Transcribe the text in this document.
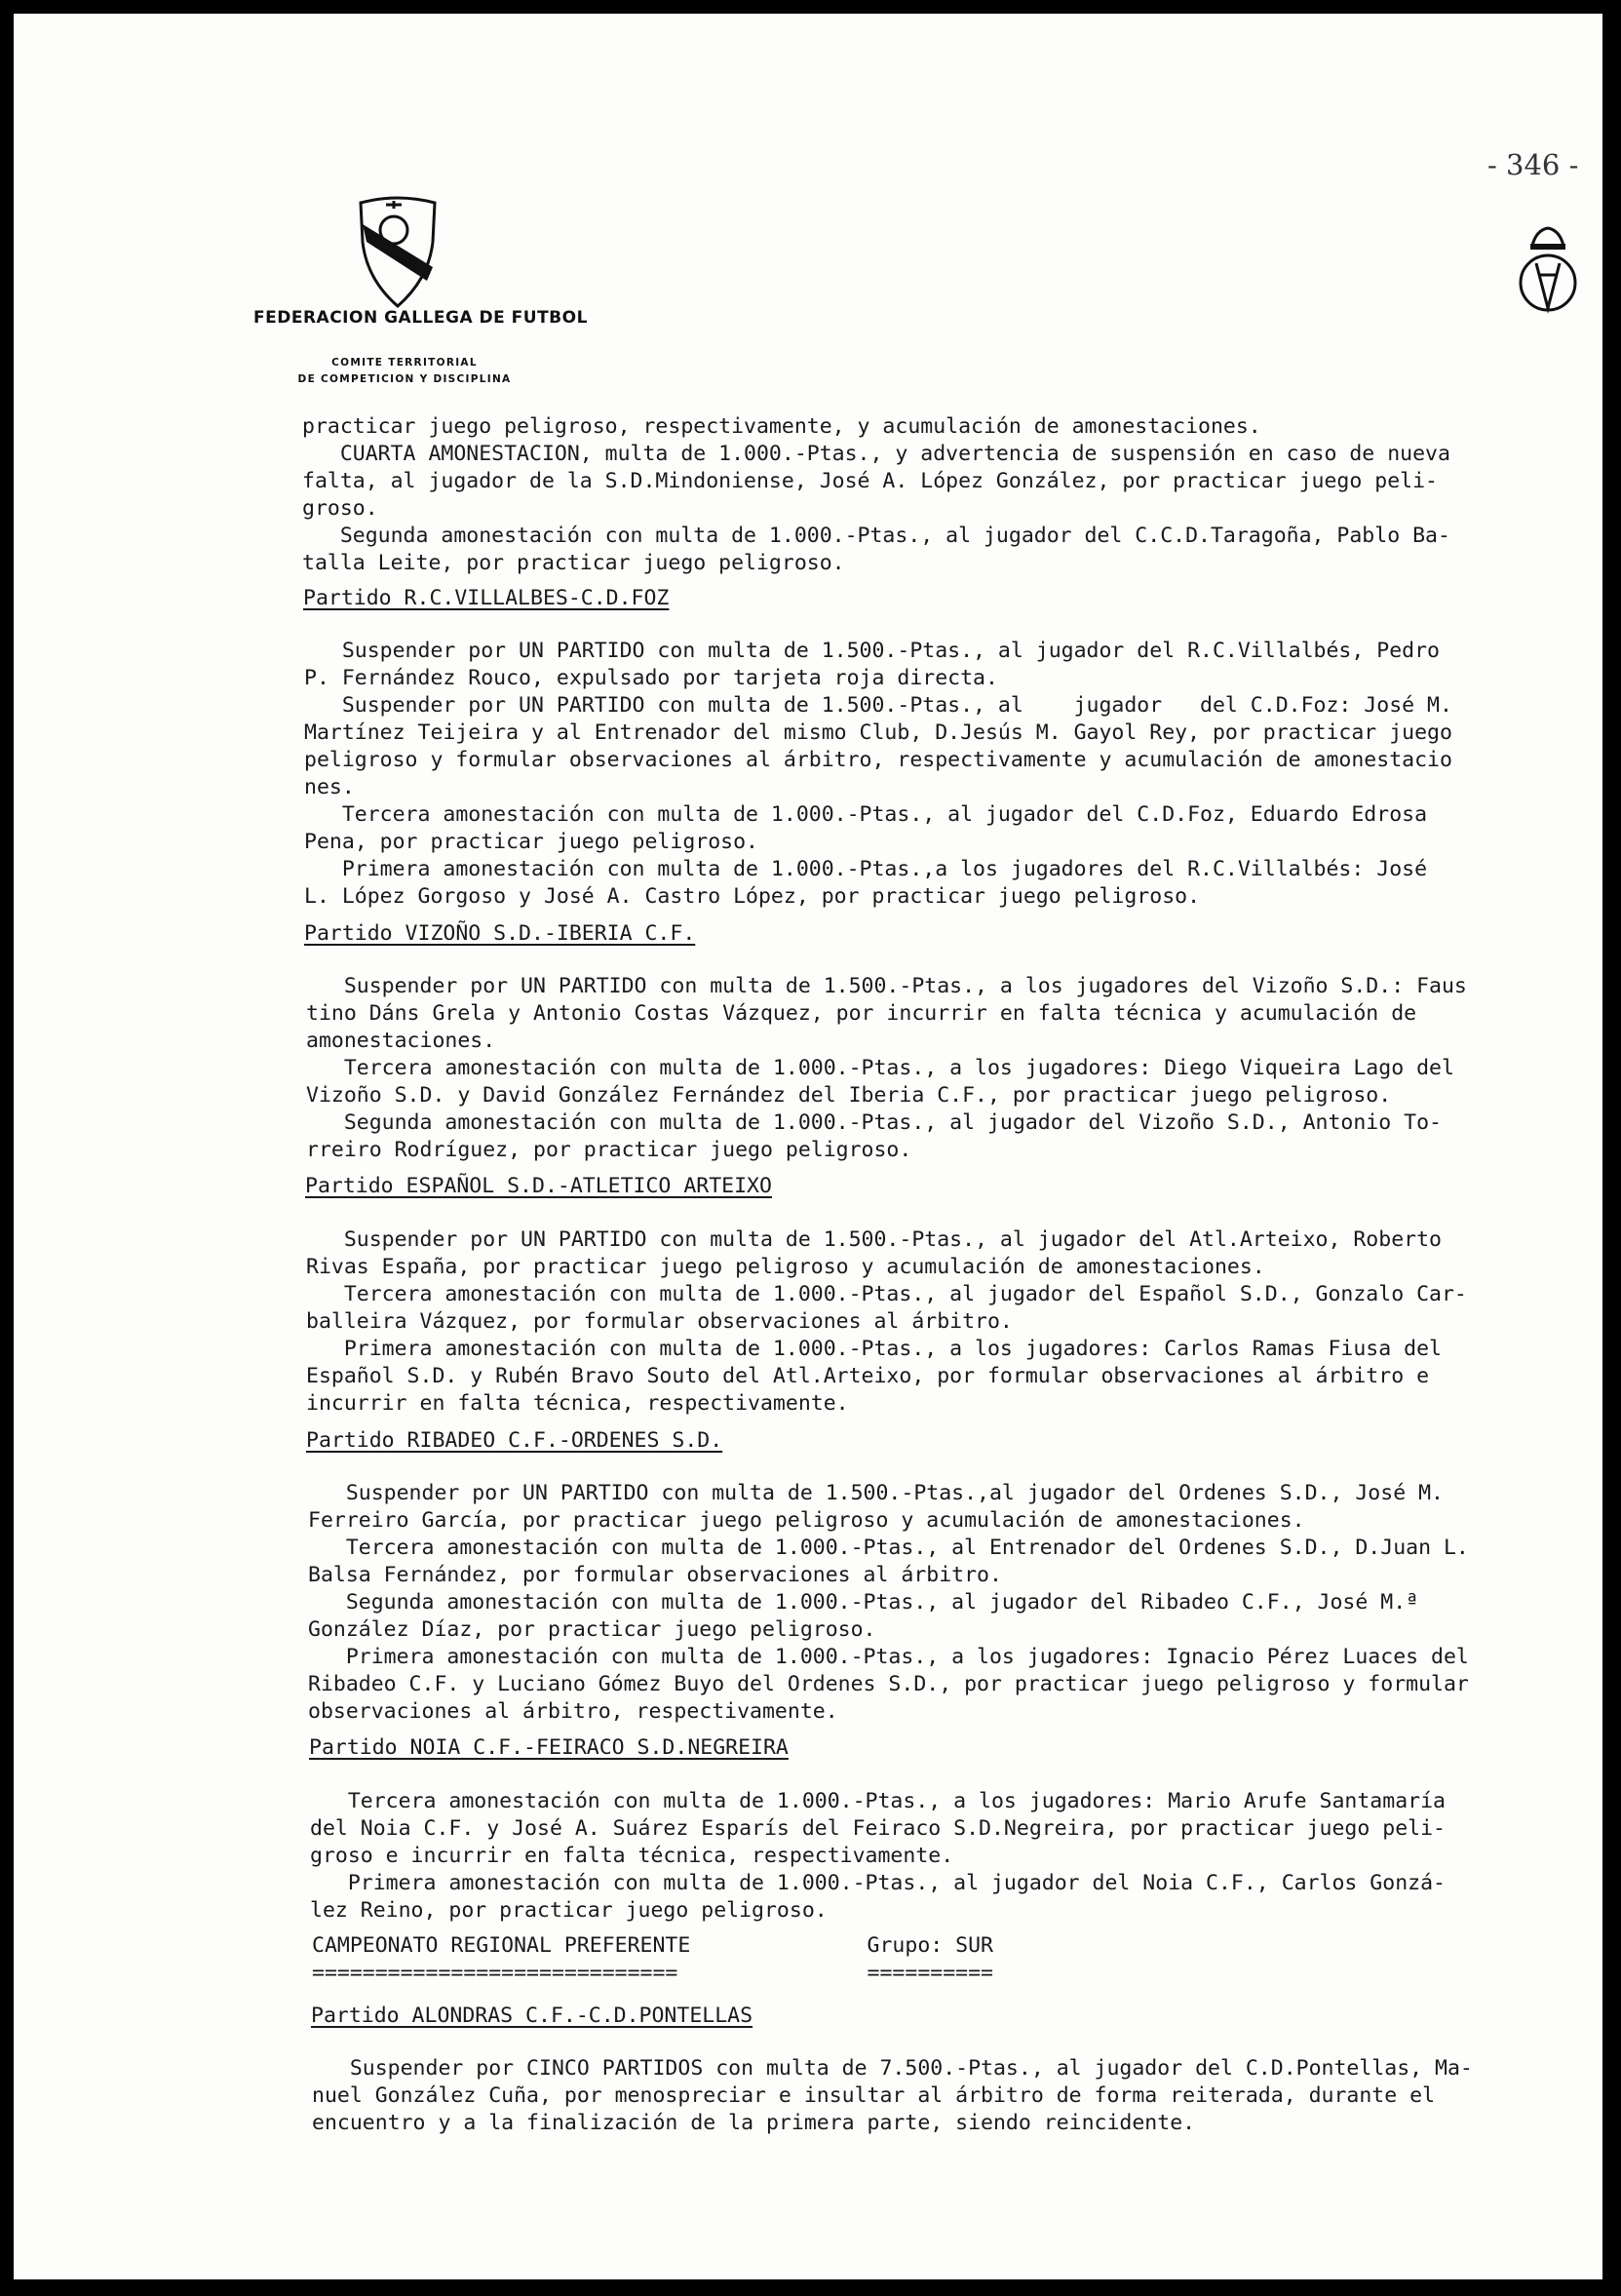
- 346 -

FEDERACION GALLEGA DE FUTBOL

COMITE TERRITORIAL
DE COMPETICION Y DISCIPLINA
practicar juego peligroso, respectivamente, y acumulación de amonestaciones.
CUARTA AMONESTACION, multa de 1.000.-Ptas., y advertencia de suspensión en caso de nueva
falta, al jugador de la S.D.Mindoniense, José A. López González, por practicar juego peli-
groso.
Segunda amonestación con multa de 1.000.-Ptas., al jugador del C.C.D.Taragoña, Pablo Ba-
talla Leite, por practicar juego peligroso.
Partido R.C.VILLALBES-C.D.FOZ
Suspender por UN PARTIDO con multa de 1.500.-Ptas., al jugador del R.C.Villalbés, Pedro
P. Fernández Rouco, expulsado por tarjeta roja directa.
Suspender por UN PARTIDO con multa de 1.500.-Ptas., al    jugador   del C.D.Foz: José M.
Martínez Teijeira y al Entrenador del mismo Club, D.Jesús M. Gayol Rey, por practicar juego
peligroso y formular observaciones al árbitro, respectivamente y acumulación de amonestacio
nes.
Tercera amonestación con multa de 1.000.-Ptas., al jugador del C.D.Foz, Eduardo Edrosa
Pena, por practicar juego peligroso.
Primera amonestación con multa de 1.000.-Ptas.,a los jugadores del R.C.Villalbés: José
L. López Gorgoso y José A. Castro López, por practicar juego peligroso.
Partido VIZOÑO S.D.-IBERIA C.F.
Suspender por UN PARTIDO con multa de 1.500.-Ptas., a los jugadores del Vizoño S.D.: Faus
tino Dáns Grela y Antonio Costas Vázquez, por incurrir en falta técnica y acumulación de
amonestaciones.
Tercera amonestación con multa de 1.000.-Ptas., a los jugadores: Diego Viqueira Lago del
Vizoño S.D. y David González Fernández del Iberia C.F., por practicar juego peligroso.
Segunda amonestación con multa de 1.000.-Ptas., al jugador del Vizoño S.D., Antonio To-
rreiro Rodríguez, por practicar juego peligroso.
Partido ESPAÑOL S.D.-ATLETICO ARTEIXO
Suspender por UN PARTIDO con multa de 1.500.-Ptas., al jugador del Atl.Arteixo, Roberto
Rivas España, por practicar juego peligroso y acumulación de amonestaciones.
Tercera amonestación con multa de 1.000.-Ptas., al jugador del Español S.D., Gonzalo Car-
balleira Vázquez, por formular observaciones al árbitro.
Primera amonestación con multa de 1.000.-Ptas., a los jugadores: Carlos Ramas Fiusa del
Español S.D. y Rubén Bravo Souto del Atl.Arteixo, por formular observaciones al árbitro e
incurrir en falta técnica, respectivamente.
Partido RIBADEO C.F.-ORDENES S.D.
Suspender por UN PARTIDO con multa de 1.500.-Ptas.,al jugador del Ordenes S.D., José M.
Ferreiro García, por practicar juego peligroso y acumulación de amonestaciones.
Tercera amonestación con multa de 1.000.-Ptas., al Entrenador del Ordenes S.D., D.Juan L.
Balsa Fernández, por formular observaciones al árbitro.
Segunda amonestación con multa de 1.000.-Ptas., al jugador del Ribadeo C.F., José M.ª
González Díaz, por practicar juego peligroso.
Primera amonestación con multa de 1.000.-Ptas., a los jugadores: Ignacio Pérez Luaces del
Ribadeo C.F. y Luciano Gómez Buyo del Ordenes S.D., por practicar juego peligroso y formular
observaciones al árbitro, respectivamente.
Partido NOIA C.F.-FEIRACO S.D.NEGREIRA
Tercera amonestación con multa de 1.000.-Ptas., a los jugadores: Mario Arufe Santamaría
del Noia C.F. y José A. Suárez Esparís del Feiraco S.D.Negreira, por practicar juego peli-
groso e incurrir en falta técnica, respectivamente.
Primera amonestación con multa de 1.000.-Ptas., al jugador del Noia C.F., Carlos Gonzá-
lez Reino, por practicar juego peligroso.
CAMPEONATO REGIONAL PREFERENTE              Grupo: SUR
=============================               ==========
Partido ALONDRAS C.F.-C.D.PONTELLAS
Suspender por CINCO PARTIDOS con multa de 7.500.-Ptas., al jugador del C.D.Pontellas, Ma-
nuel González Cuña, por menospreciar e insultar al árbitro de forma reiterada, durante el
encuentro y a la finalización de la primera parte, siendo reincidente.
